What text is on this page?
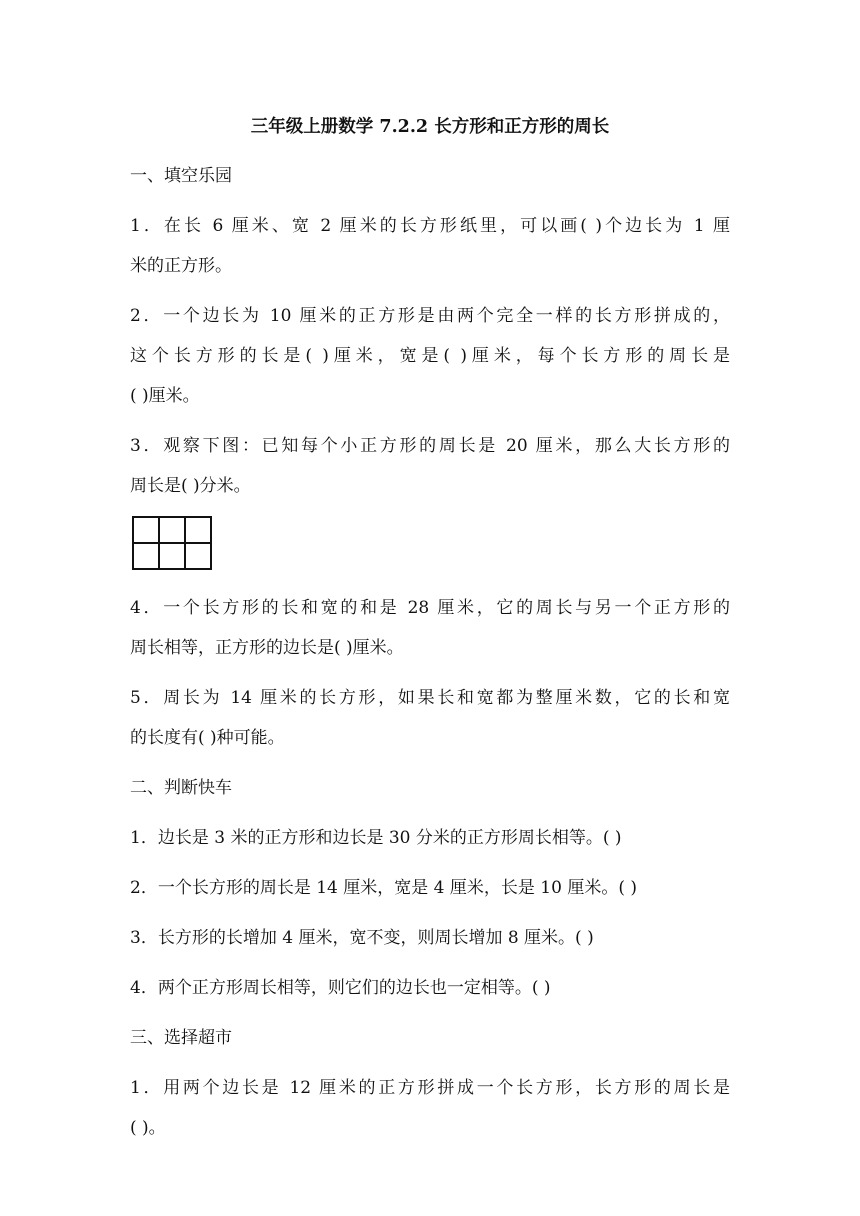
三年级上册数学 7.2.2 长方形和正方形的周长
一、填空乐园
1．在长 6 厘米、宽 2 厘米的长方形纸里，可以画( )个边长为 1 厘
米的正方形。
2．一个边长为 10 厘米的正方形是由两个完全一样的长方形拼成的，
这个长方形的长是( )厘米，宽是( )厘米，每个长方形的周长是
( )厘米。
3．观察下图：已知每个小正方形的周长是 20 厘米，那么大长方形的
周长是( )分米。
4．一个长方形的长和宽的和是 28 厘米，它的周长与另一个正方形的
周长相等，正方形的边长是( )厘米。
5．周长为 14 厘米的长方形，如果长和宽都为整厘米数，它的长和宽
的长度有( )种可能。
二、判断快车
1．边长是 3 米的正方形和边长是 30 分米的正方形周长相等。( )
2．一个长方形的周长是 14 厘米，宽是 4 厘米，长是 10 厘米。( )
3．长方形的长增加 4 厘米，宽不变，则周长增加 8 厘米。( )
4．两个正方形周长相等，则它们的边长也一定相等。( )
三、选择超市
1．用两个边长是 12 厘米的正方形拼成一个长方形，长方形的周长是
( )。
